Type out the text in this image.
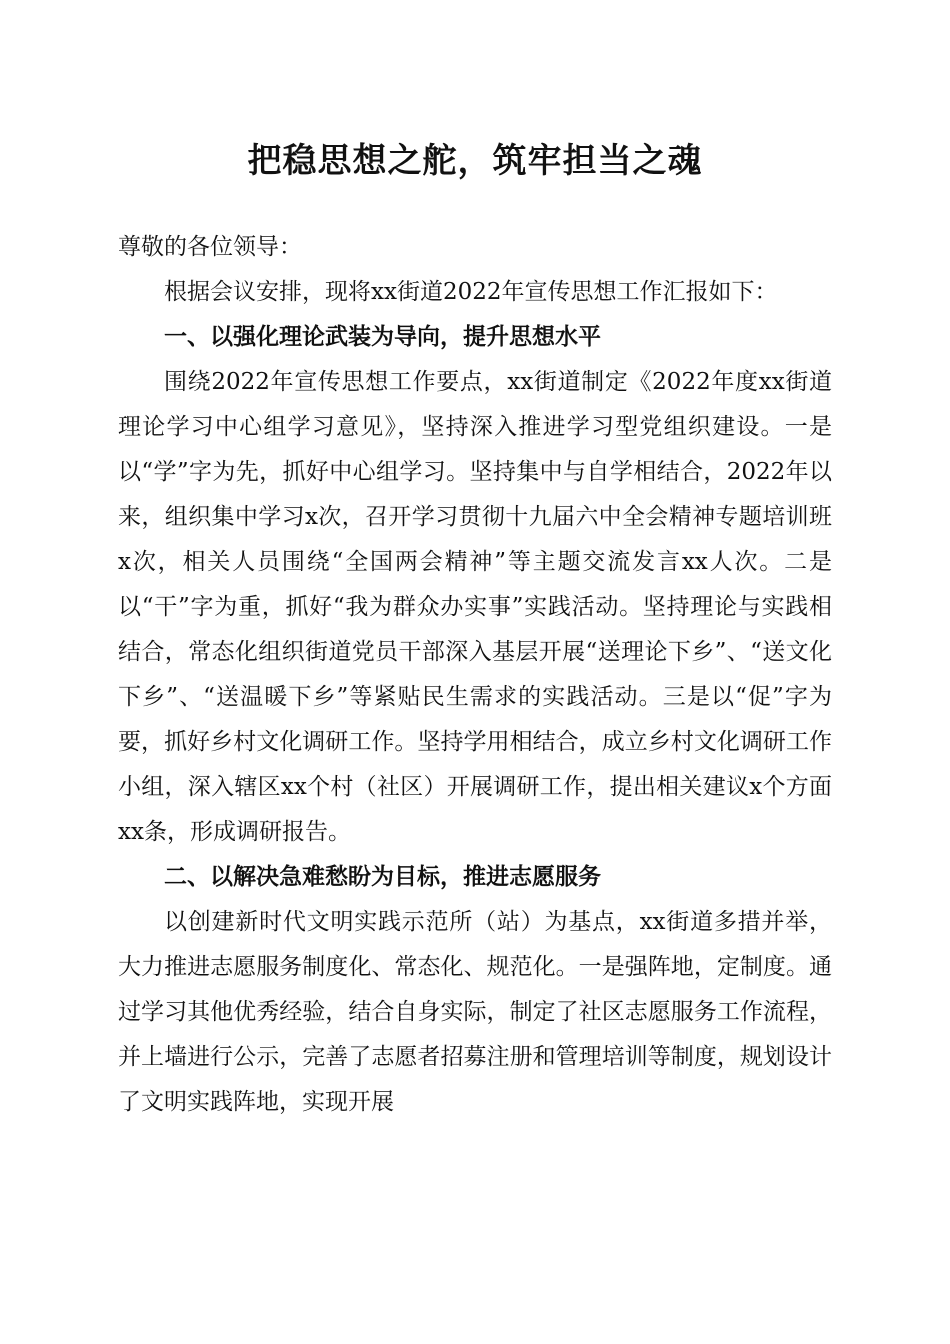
把稳思想之舵，筑牢担当之魂

尊敬的各位领导：

根据会议安排，现将xx街道2022年宣传思想工作汇报如下：

一、以强化理论武装为导向，提升思想水平

围绕2022年宣传思想工作要点，xx街道制定《2022年度xx街道理论学习中心组学习意见》，坚持深入推进学习型党组织建设。一是以“学”字为先，抓好中心组学习。坚持集中与自学相结合，2022年以来，组织集中学习x次，召开学习贯彻十九届六中全会精神专题培训班x次，相关人员围绕“全国两会精神”等主题交流发言xx人次。二是以“干”字为重，抓好“我为群众办实事”实践活动。坚持理论与实践相结合，常态化组织街道党员干部深入基层开展“送理论下乡”、“送文化下乡”、“送温暖下乡”等紧贴民生需求的实践活动。三是以“促”字为要，抓好乡村文化调研工作。坚持学用相结合，成立乡村文化调研工作小组，深入辖区xx个村（社区）开展调研工作，提出相关建议x个方面xx条，形成调研报告。

二、以解决急难愁盼为目标，推进志愿服务

以创建新时代文明实践示范所（站）为基点，xx街道多措并举，大力推进志愿服务制度化、常态化、规范化。一是强阵地，定制度。通过学习其他优秀经验，结合自身实际，制定了社区志愿服务工作流程，并上墙进行公示，完善了志愿者招募注册和管理培训等制度，规划设计了文明实践阵地，实现开展
